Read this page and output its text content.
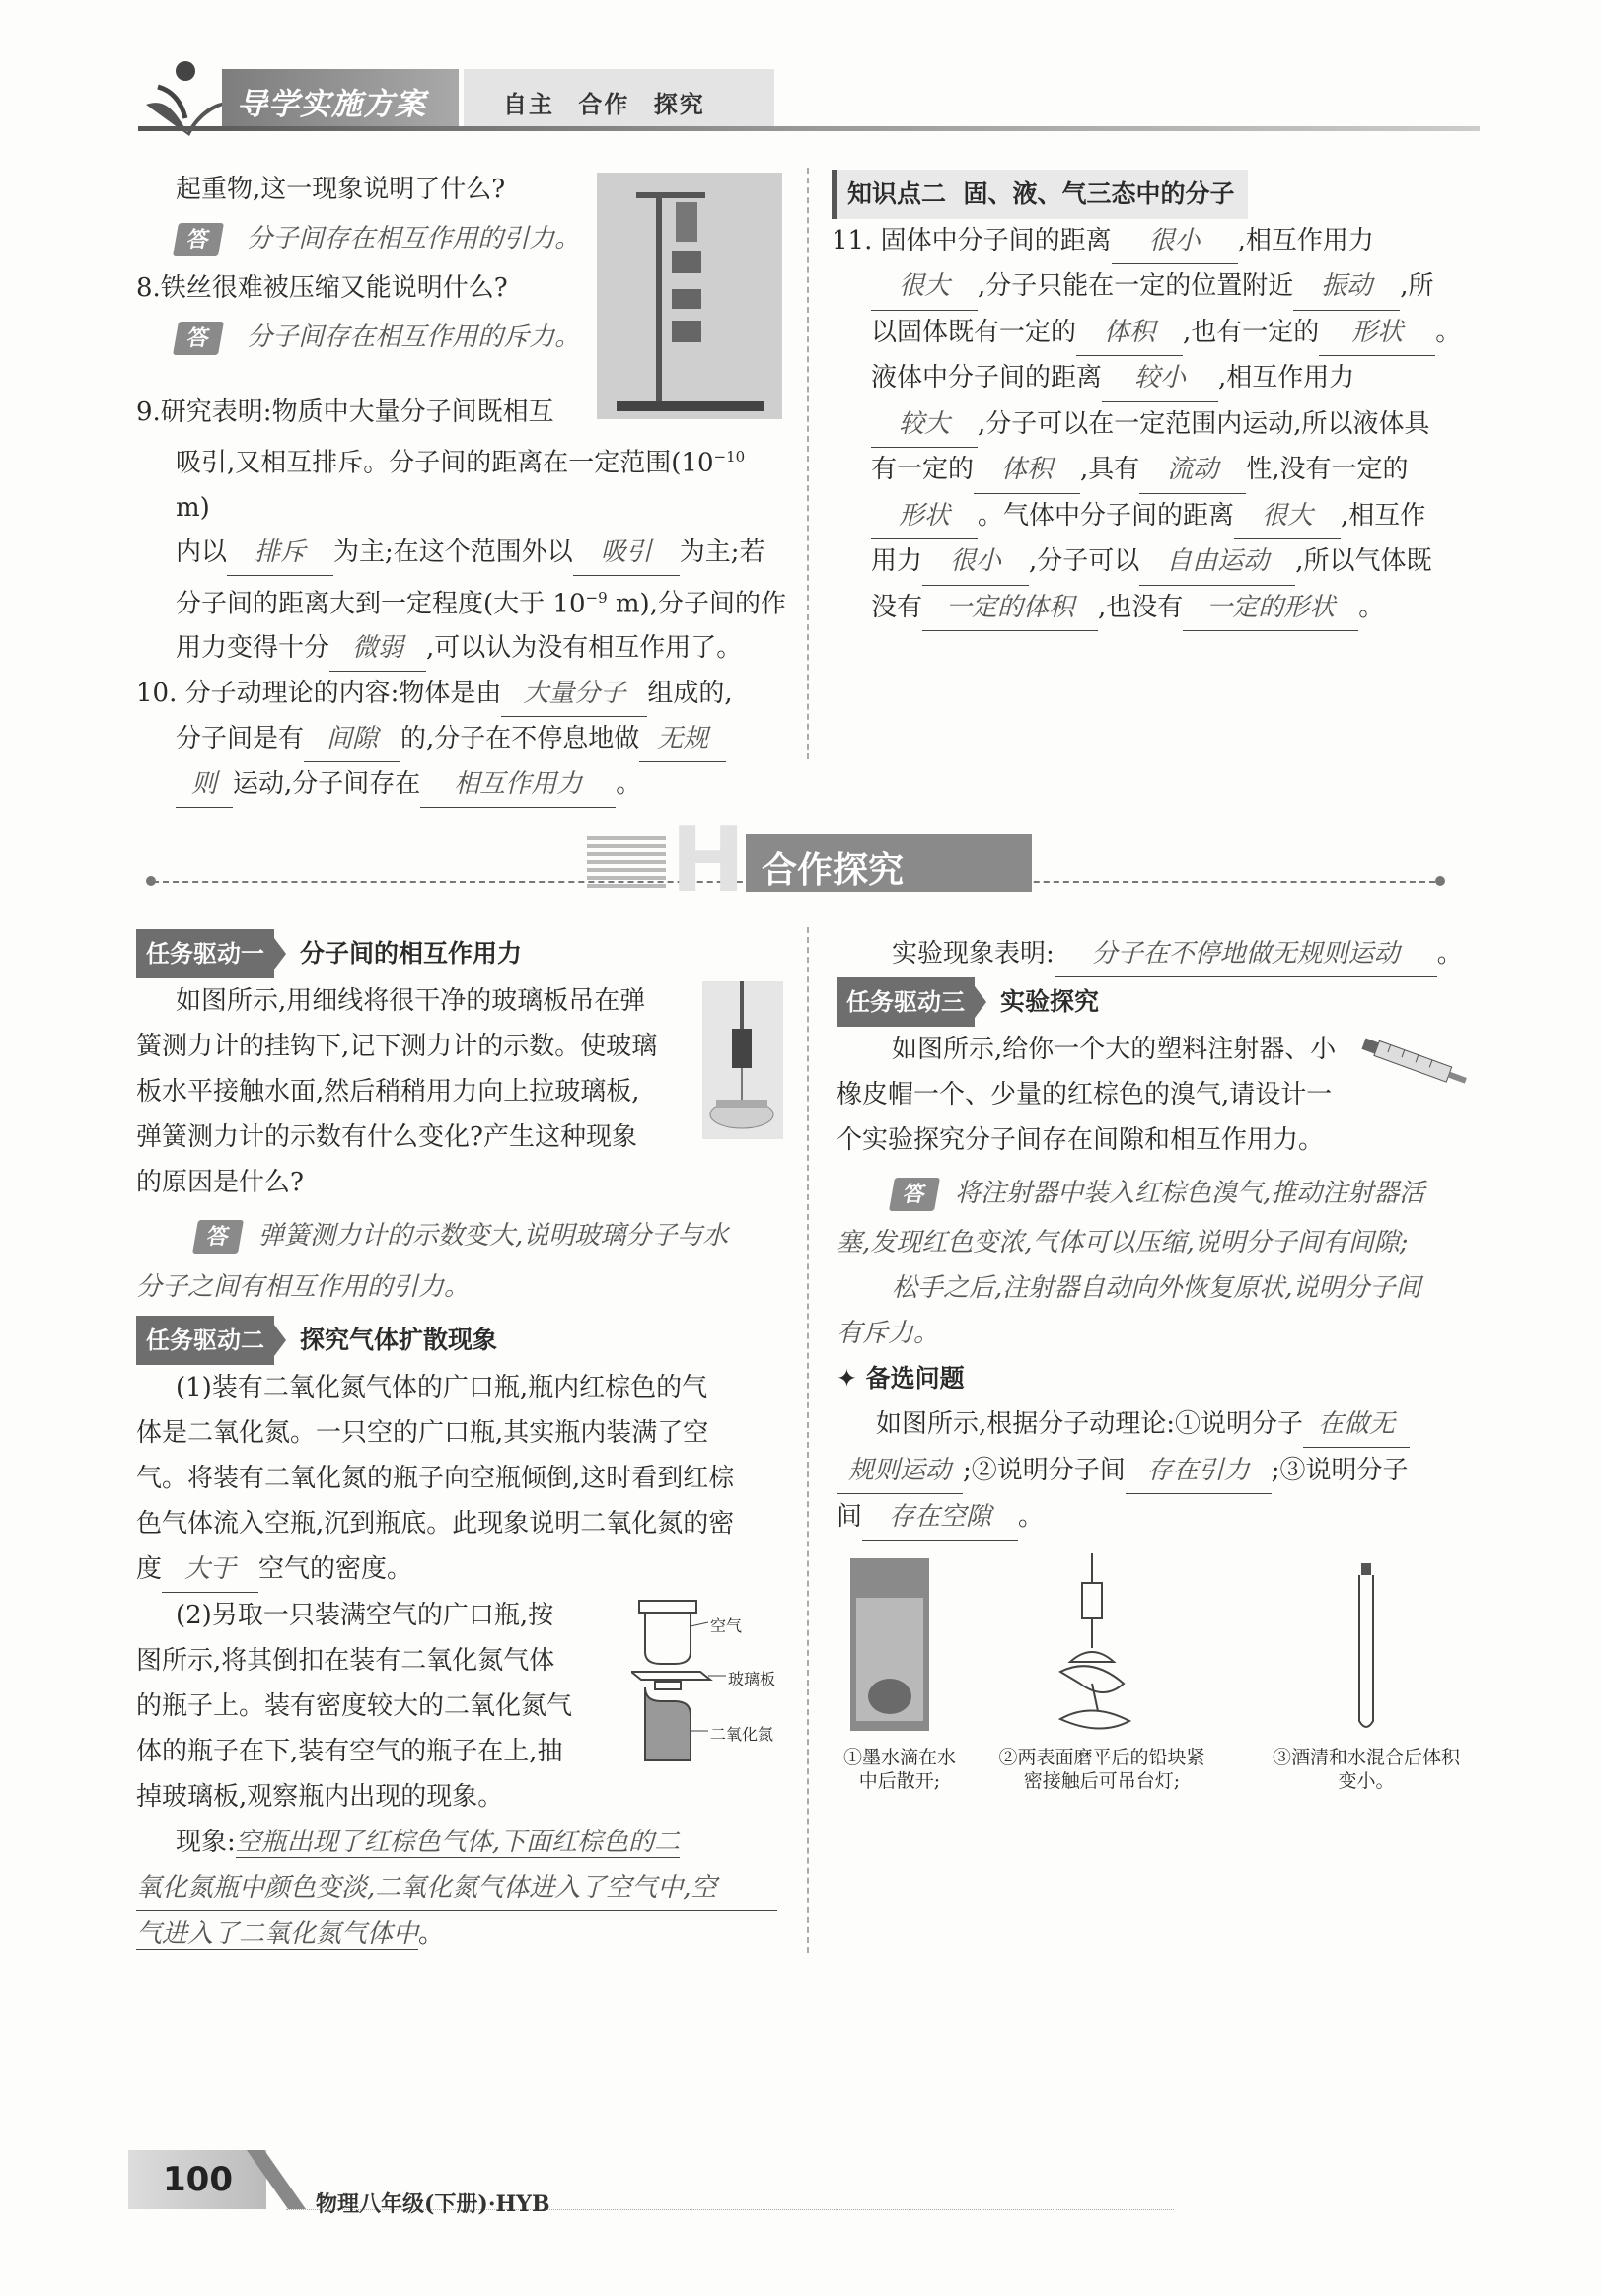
导学实施方案	自主 合作 探究
起重物,这一现象说明了什么?
答 分子间存在相互作用的引力。
8.铁丝很难被压缩又能说明什么?
答 分子间存在相互作用的斥力。
9.研究表明:物质中大量分子间既相互
吸引,又相互排斥。分子间的距离在一定范围($10^{-10}$ m)
内以 排斥 为主;在这个范围外以 吸引 为主;若
分子间的距离大到一定程度(大于 $10^{-9}$ m),分子间的作
用力变得十分 微弱 ,可以认为没有相互作用了。
10. 分子动理论的内容:物体是由 大量分子 组成的,
分子间是有 间隙 的,分子在不停息地做 无规
则 运动,分子间存在 相互作用力 。
知识点二 固、液、气三态中的分子
11. 固体中分子间的距离 很小 ,相互作用力
很大 ,分子只能在一定的位置附近 振动 ,所
以固体既有一定的 体积 ,也有一定的 形状 。
液体中分子间的距离 较小 ,相互作用力
较大 ,分子可以在一定范围内运动,所以液体具
有一定的 体积 ,具有 流动 性,没有一定的
形状 。气体中分子间的距离 很大 ,相互作
用力 很小 ,分子可以 自由运动 ,所以气体既
没有 一定的体积 ,也没有 一定的形状 。
H 合作探究
任务驱动一	分子间的相互作用力
如图所示,用细线将很干净的玻璃板吊在弹
簧测力计的挂钩下,记下测力计的示数。使玻璃
板水平接触水面,然后稍稍用力向上拉玻璃板,
弹簧测力计的示数有什么变化?产生这种现象
的原因是什么?
答 弹簧测力计的示数变大,说明玻璃分子与水
分子之间有相互作用的引力。
任务驱动二	探究气体扩散现象
(1)装有二氧化氮气体的广口瓶,瓶内红棕色的气
体是二氧化氮。一只空的广口瓶,其实瓶内装满了空
气。将装有二氧化氮的瓶子向空瓶倾倒,这时看到红棕
色气体流入空瓶,沉到瓶底。此现象说明二氧化氮的密
度 大于 空气的密度。
(2)另取一只装满空气的广口瓶,按
图所示,将其倒扣在装有二氧化氮气体
的瓶子上。装有密度较大的二氧化氮气
体的瓶子在下,装有空气的瓶子在上,抽
掉玻璃板,观察瓶内出现的现象。
现象:空瓶出现了红棕色气体,下面红棕色的二
氧化氮瓶中颜色变淡,二氧化氮气体进入了空气中,空
气进入了二氧化氮气体中。
空气
玻璃板
二氧化氮
实验现象表明: 分子在不停地做无规则运动 。
任务驱动三	实验探究
如图所示,给你一个大的塑料注射器、小
橡皮帽一个、少量的红棕色的溴气,请设计一
个实验探究分子间存在间隙和相互作用力。
答 将注射器中装入红棕色溴气,推动注射器活
塞,发现红色变浓,气体可以压缩,说明分子间有间隙;
松手之后,注射器自动向外恢复原状,说明分子间
有斥力。
✦ 备选问题
如图所示,根据分子动理论:①说明分子 在做无
规则运动 ;②说明分子间 存在引力 ;③说明分子
间 存在空隙 。
①墨水滴在水
中后散开;
②两表面磨平后的铅块紧
密接触后可吊台灯;
③酒清和水混合后体积
变小。
100
物理八年级(下册)·HYB
